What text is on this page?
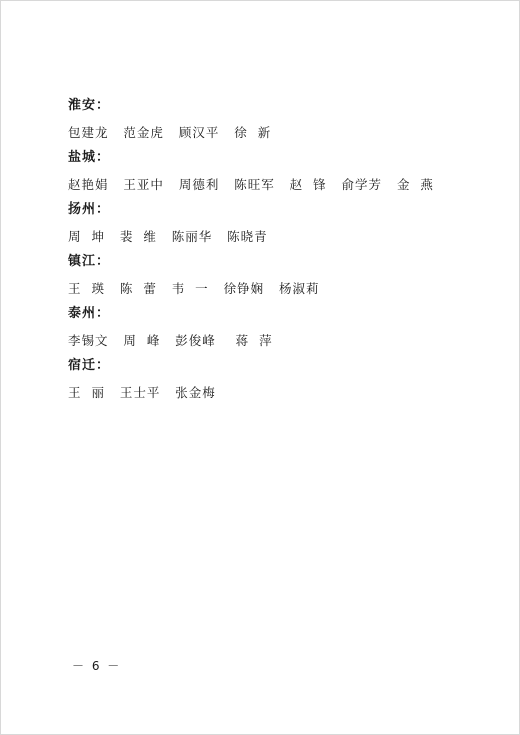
淮安：
包建龙   范金虎   顾汉平   徐  新
盐城：
赵艳娟   王亚中   周德利   陈旺军   赵  锋   俞学芳   金  燕
扬州：
周  坤   裴  维   陈丽华   陈晓青
镇江：
王  瑛   陈  蕾   韦  一   徐铮娴   杨淑莉
泰州：
李锡文   周  峰   彭俊峰    蒋  萍
宿迁：
王  丽   王士平   张金梅
－ 6 －
